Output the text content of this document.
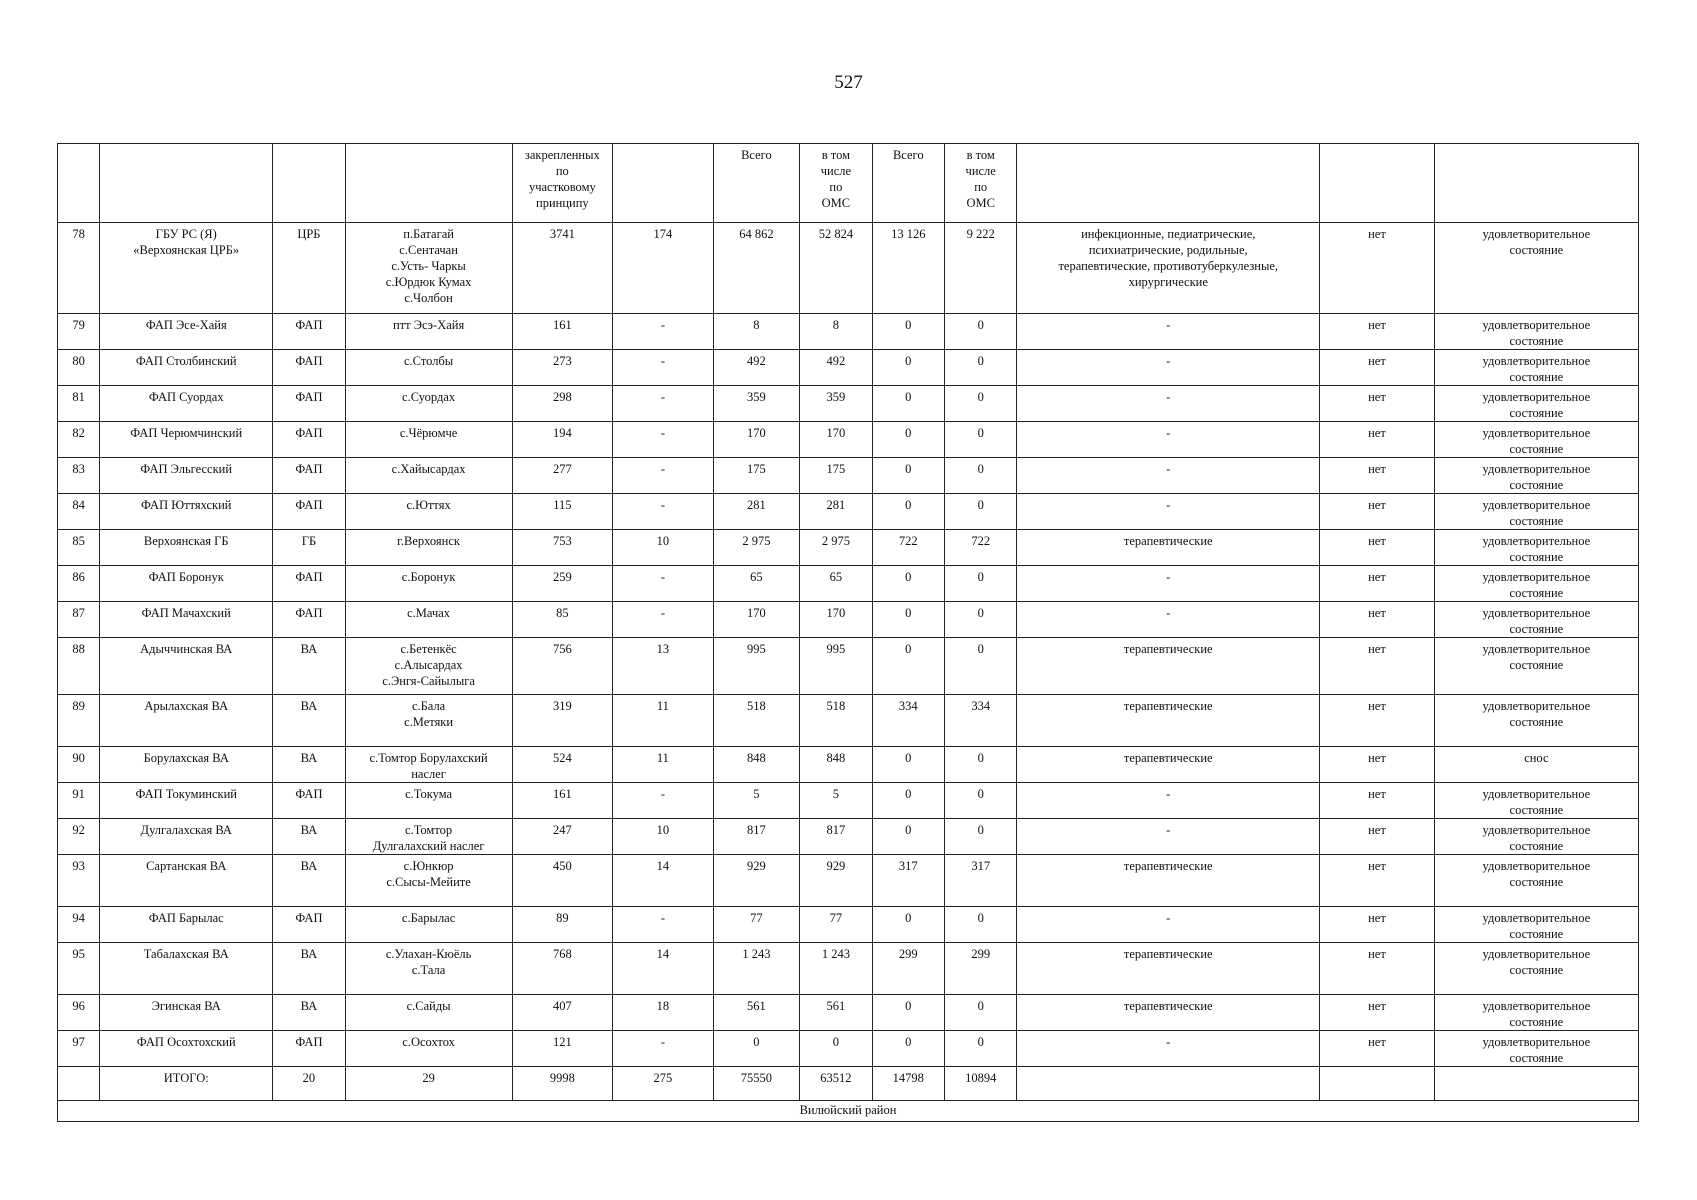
527
				закрепленных
по
участковому
принципу		Всего	в том
числе
по
ОМС	Всего	в том
числе
по
ОМС			
78	ГБУ РС (Я)
«Верхоянская ЦРБ»	ЦРБ	п.Батагай
с.Сентачан
с.Усть- Чаркы
с.Юрдюк Кумах
с.Чолбон	3741	174	64 862	52 824	13 126	9 222	инфекционные, педиатрические,
психиатрические, родильные,
терапевтические, противотуберкулезные,
хирургические	нет	удовлетворительное
состояние
79	ФАП Эсе-Хайя	ФАП	птт Эсэ-Хайя	161	-	8	8	0	0	-	нет	удовлетворительное
состояние
80	ФАП Столбинский	ФАП	с.Столбы	273	-	492	492	0	0	-	нет	удовлетворительное
состояние
81	ФАП Суордах	ФАП	с.Суордах	298	-	359	359	0	0	-	нет	удовлетворительное
состояние
82	ФАП Черюмчинский	ФАП	с.Чёрюмче	194	-	170	170	0	0	-	нет	удовлетворительное
состояние
83	ФАП Эльгесский	ФАП	с.Хайысардах	277	-	175	175	0	0	-	нет	удовлетворительное
состояние
84	ФАП Юттяхский	ФАП	с.Юттях	115	-	281	281	0	0	-	нет	удовлетворительное
состояние
85	Верхоянская ГБ	ГБ	г.Верхоянск	753	10	2 975	2 975	722	722	терапевтические	нет	удовлетворительное
состояние
86	ФАП Боронук	ФАП	с.Боронук	259	-	65	65	0	0	-	нет	удовлетворительное
состояние
87	ФАП Мачахский	ФАП	с.Мачах	85	-	170	170	0	0	-	нет	удовлетворительное
состояние
88	Адыччинская ВА	ВА	с.Бетенкёс
с.Алысардах
с.Энгя-Сайылыга	756	13	995	995	0	0	терапевтические	нет	удовлетворительное
состояние
89	Арылахская ВА	ВА	с.Бала
с.Метяки	319	11	518	518	334	334	терапевтические	нет	удовлетворительное
состояние
90	Борулахская ВА	ВА	с.Томтор Борулахский
наслег	524	11	848	848	0	0	терапевтические	нет	снос
91	ФАП Токуминский	ФАП	с.Токума	161	-	5	5	0	0	-	нет	удовлетворительное
состояние
92	Дулгалахская ВА	ВА	с.Томтор
Дулгалахский наслег	247	10	817	817	0	0	-	нет	удовлетворительное
состояние
93	Сартанская ВА	ВА	с.Юнкюр
с.Сысы-Мейите	450	14	929	929	317	317	терапевтические	нет	удовлетворительное
состояние
94	ФАП Барылас	ФАП	с.Барылас	89	-	77	77	0	0	-	нет	удовлетворительное
состояние
95	Табалахская ВА	ВА	с.Улахан-Кюёль
с.Тала	768	14	1 243	1 243	299	299	терапевтические	нет	удовлетворительное
состояние
96	Эгинская ВА	ВА	с.Сайды	407	18	561	561	0	0	терапевтические	нет	удовлетворительное
состояние
97	ФАП Осохтохский	ФАП	с.Осохтох	121	-	0	0	0	0	-	нет	удовлетворительное
состояние
	ИТОГО:	20	29	9998	275	75550	63512	14798	10894			
Вилюйский район												
